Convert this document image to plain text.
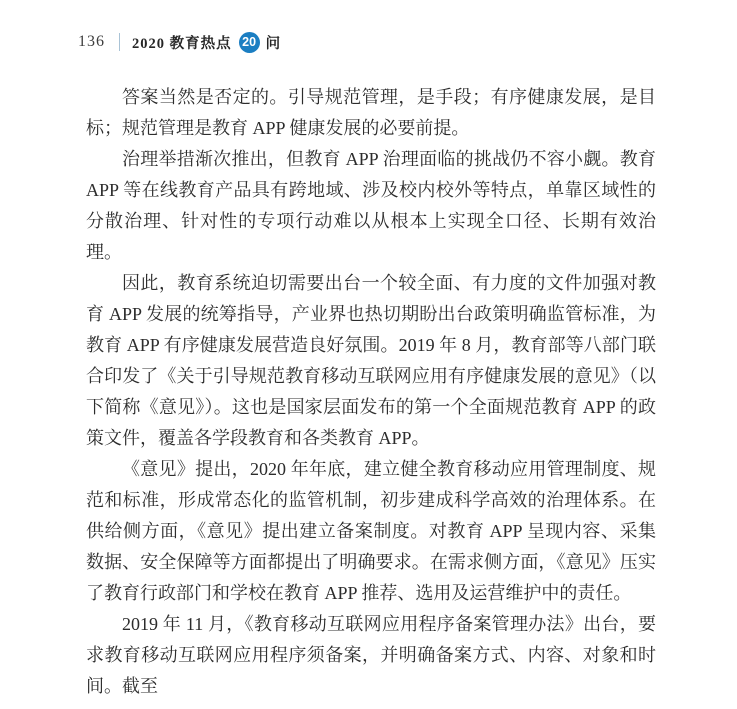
136 2020 教育热点 20 问

答案当然是否定的。引导规范管理，是手段；有序健康发展，是目标；规范管理是教育 APP 健康发展的必要前提。

治理举措渐次推出，但教育 APP 治理面临的挑战仍不容小觑。教育 APP 等在线教育产品具有跨地域、涉及校内校外等特点，单靠区域性的分散治理、针对性的专项行动难以从根本上实现全口径、长期有效治理。

因此，教育系统迫切需要出台一个较全面、有力度的文件加强对教育 APP 发展的统筹指导，产业界也热切期盼出台政策明确监管标准，为教育 APP 有序健康发展营造良好氛围。2019 年 8 月，教育部等八部门联合印发了《关于引导规范教育移动互联网应用有序健康发展的意见》（以下简称《意见》）。这也是国家层面发布的第一个全面规范教育 APP 的政策文件，覆盖各学段教育和各类教育 APP。

《意见》提出，2020 年年底，建立健全教育移动应用管理制度、规范和标准，形成常态化的监管机制，初步建成科学高效的治理体系。在供给侧方面，《意见》提出建立备案制度。对教育 APP 呈现内容、采集数据、安全保障等方面都提出了明确要求。在需求侧方面，《意见》压实了教育行政部门和学校在教育 APP 推荐、选用及运营维护中的责任。

2019 年 11 月，《教育移动互联网应用程序备案管理办法》出台，要求教育移动互联网应用程序须备案，并明确备案方式、内容、对象和时间。截至
